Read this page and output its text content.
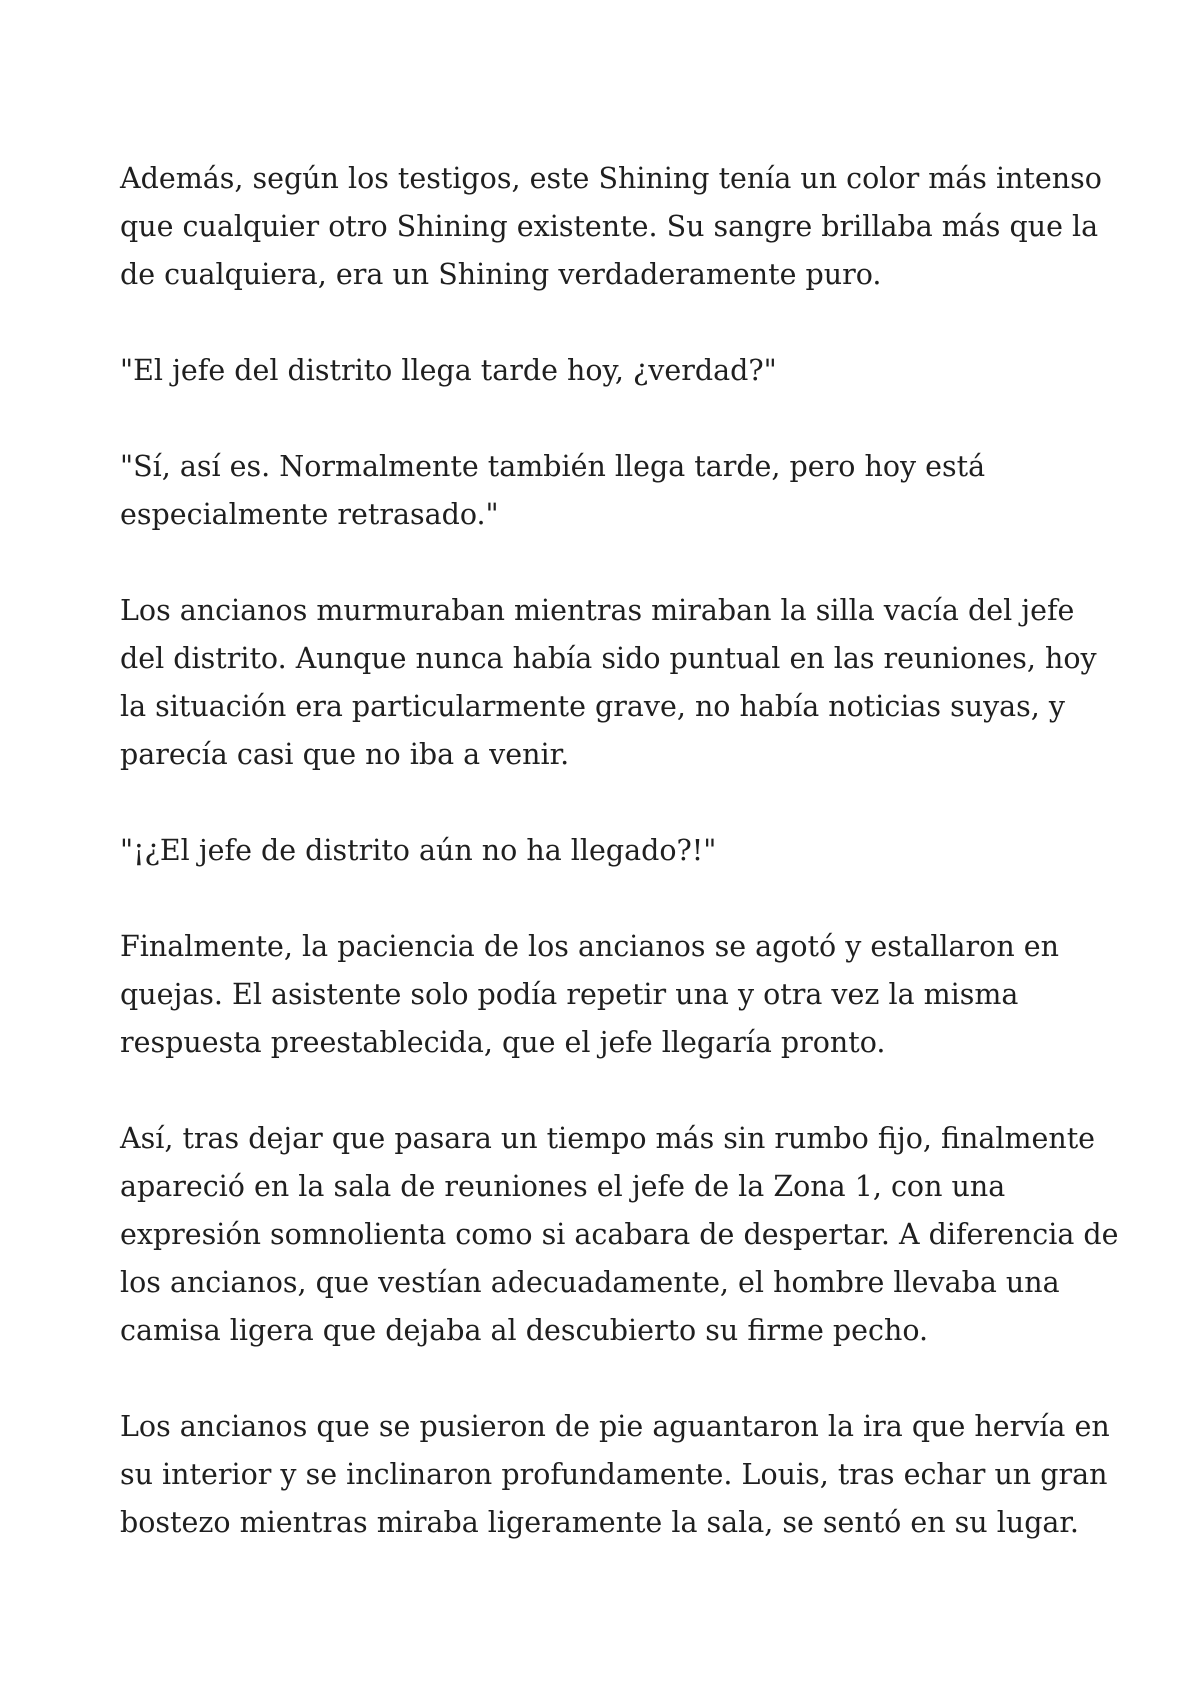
Además, según los testigos, este Shining tenía un color más intenso
que cualquier otro Shining existente. Su sangre brillaba más que la
de cualquiera, era un Shining verdaderamente puro.

"El jefe del distrito llega tarde hoy, ¿verdad?"

"Sí, así es. Normalmente también llega tarde, pero hoy está
especialmente retrasado."

Los ancianos murmuraban mientras miraban la silla vacía del jefe
del distrito. Aunque nunca había sido puntual en las reuniones, hoy
la situación era particularmente grave, no había noticias suyas, y
parecía casi que no iba a venir.

"¡¿El jefe de distrito aún no ha llegado?!"

Finalmente, la paciencia de los ancianos se agotó y estallaron en
quejas. El asistente solo podía repetir una y otra vez la misma
respuesta preestablecida, que el jefe llegaría pronto.

Así, tras dejar que pasara un tiempo más sin rumbo fijo, finalmente
apareció en la sala de reuniones el jefe de la Zona 1, con una
expresión somnolienta como si acabara de despertar. A diferencia de
los ancianos, que vestían adecuadamente, el hombre llevaba una
camisa ligera que dejaba al descubierto su firme pecho.

Los ancianos que se pusieron de pie aguantaron la ira que hervía en
su interior y se inclinaron profundamente. Louis, tras echar un gran
bostezo mientras miraba ligeramente la sala, se sentó en su lugar.
